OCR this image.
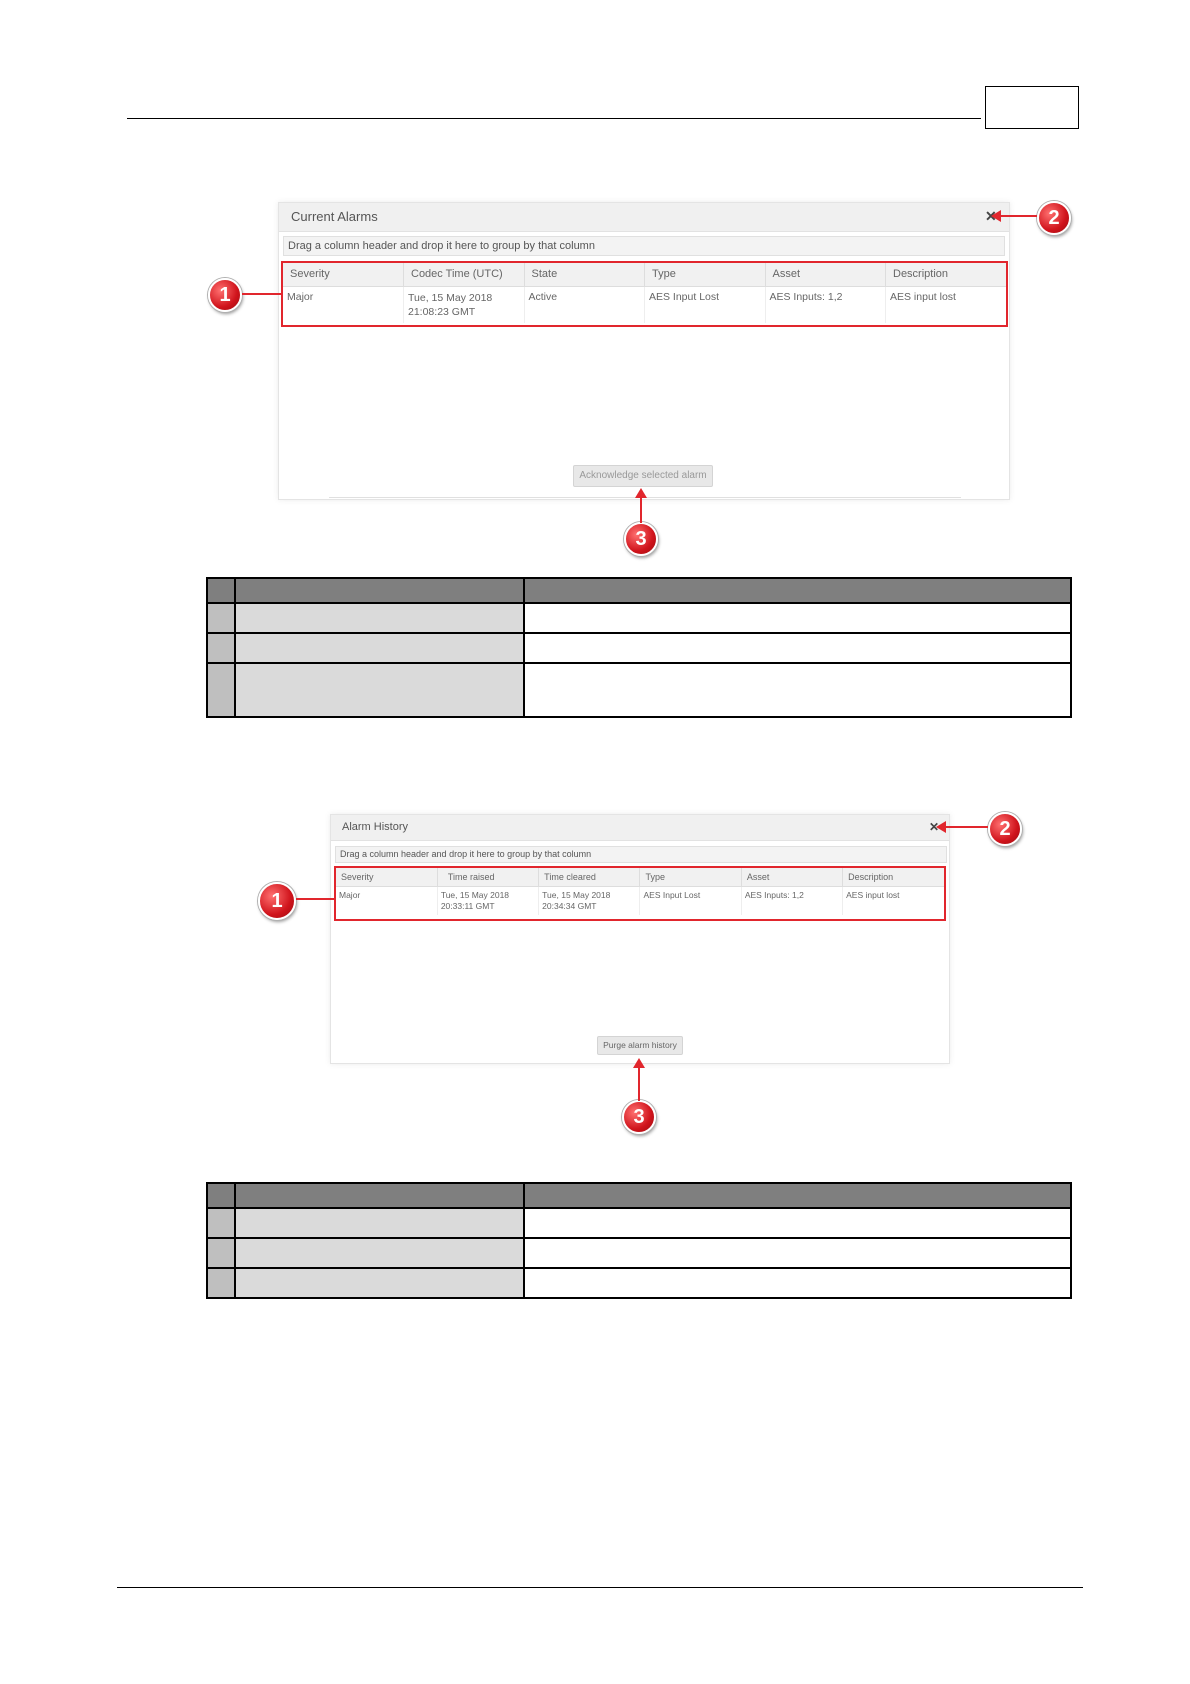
Current Alarms	✕
Drag a column header and drop it here to group by that column
Acknowledge selected alarm
Severity	Codec Time (UTC)	State	Type	Asset	Description
Major	Tue, 15 May 2018 21:08:23 GMT	Active	AES Input Lost	AES Inputs: 1,2	AES input lost
1
2
3

Alarm History	✕
Drag a column header and drop it here to group by that column
Purge alarm history
Severity	Time raised	Time cleared	Type	Asset	Description
Major	Tue, 15 May 2018 20:33:11 GMT	Tue, 15 May 2018 20:34:34 GMT	AES Input Lost	AES Inputs: 1,2	AES input lost
1
2
3
